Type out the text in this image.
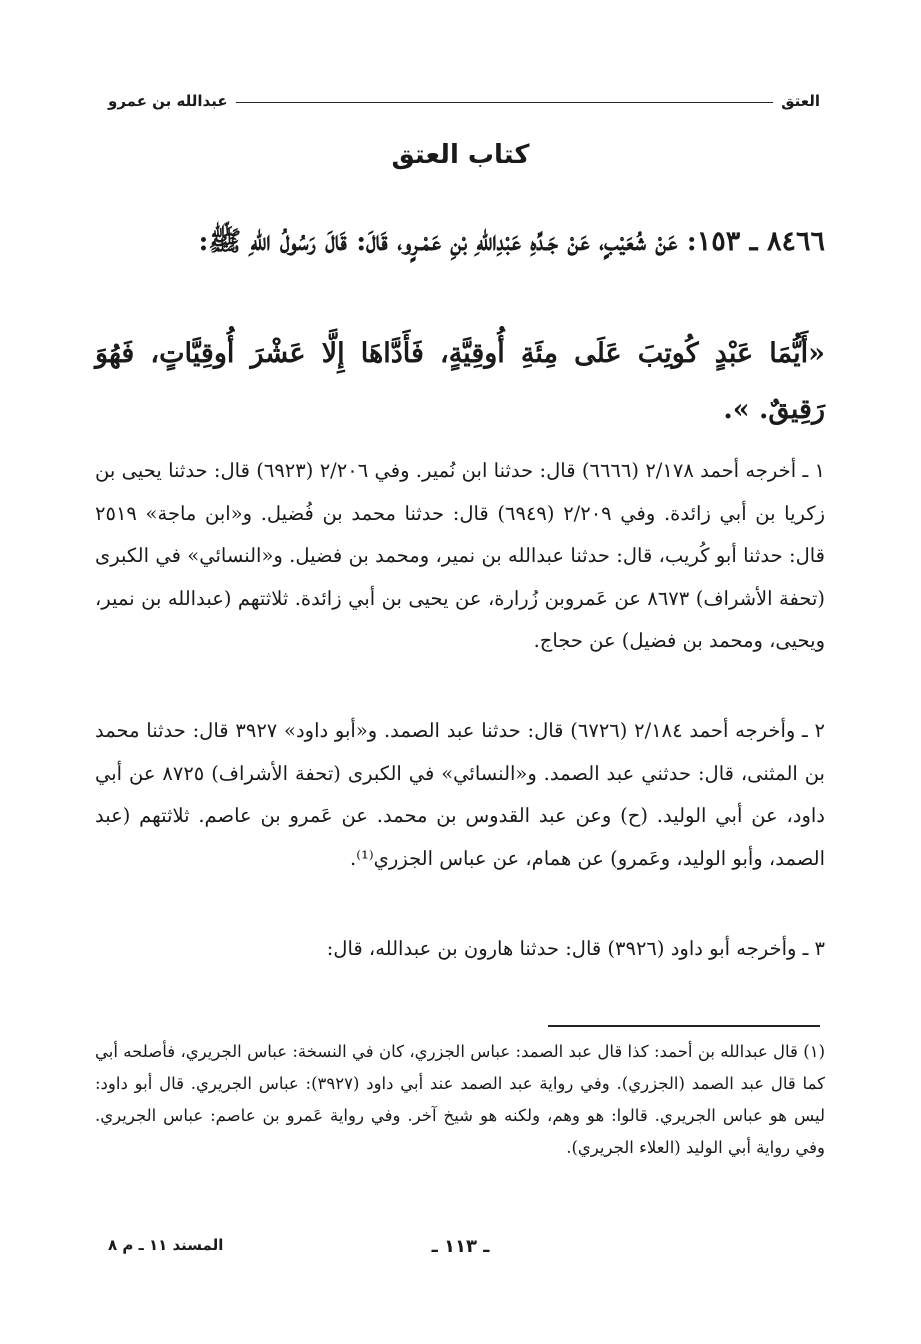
العتق
عبدالله بن عمرو
كتاب العتق
٨٤٦٦ ـ ١٥٣: عَنْ شُعَيْبٍ، عَنْ جَـدِّهِ عَبْدِاللهِ بْنِ عَمْـرٍو، قَالَ: قَالَ رَسُولُ اللهِ ﷺ:
«أَيُّمَا عَبْدٍ كُوتِبَ عَلَى مِئَةِ أُوقِيَّةٍ، فَأَدَّاهَا إِلَّا عَشْرَ أُوقِيَّاتٍ، فَهُوَ رَقِيقٌ. ».
١ ـ أخرجه أحمد ٢/١٧٨ (٦٦٦٦) قال: حدثنا ابن نُمير. وفي ٢/٢٠٦ (٦٩٢٣) قال: حدثنا يحيى بن زكريا بن أبي زائدة. وفي ٢/٢٠٩ (٦٩٤٩) قال: حدثنا محمد بن فُضيل. و«ابن ماجة» ٢٥١٩ قال: حدثنا أبو كُريب، قال: حدثنا عبدالله بن نمير، ومحمد بن فضيل. و«النسائي» في الكبرى (تحفة الأشراف) ٨٦٧٣ عن عَمروبن زُرارة، عن يحيى بن أبي زائدة. ثلاثتهم (عبدالله بن نمير، ويحيى، ومحمد بن فضيل) عن حجاج.
٢ ـ وأخرجه أحمد ٢/١٨٤ (٦٧٢٦) قال: حدثنا عبد الصمد. و«أبو داود» ٣٩٢٧ قال: حدثنا محمد بن المثنى، قال: حدثني عبد الصمد. و«النسائي» في الكبرى (تحفة الأشراف) ٨٧٢٥ عن أبي داود، عن أبي الوليد. (ح) وعن عبد القدوس بن محمد. عن عَمرو بن عاصم. ثلاثتهم (عبد الصمد، وأبو الوليد، وعَمرو) عن همام، عن عباس الجزري⁽¹⁾.
٣ ـ وأخرجه أبو داود (٣٩٢٦) قال: حدثنا هارون بن عبدالله، قال:
(١) قال عبدالله بن أحمد: كذا قال عبد الصمد: عباس الجزري، كان في النسخة: عباس الجريري، فأصلحه أبي كما قال عبد الصمد (الجزري). وفي رواية عبد الصمد عند أبي داود (٣٩٢٧): عباس الجريري. قال أبو داود: ليس هو عباس الجريري. قالوا: هو وهم، ولكنه هو شيخ آخر. وفي رواية عَمرو بن عاصم: عباس الجريري. وفي رواية أبي الوليد (العلاء الجريري).
ـ ١١٣ ـ
المسند ١١ ـ م ٨
